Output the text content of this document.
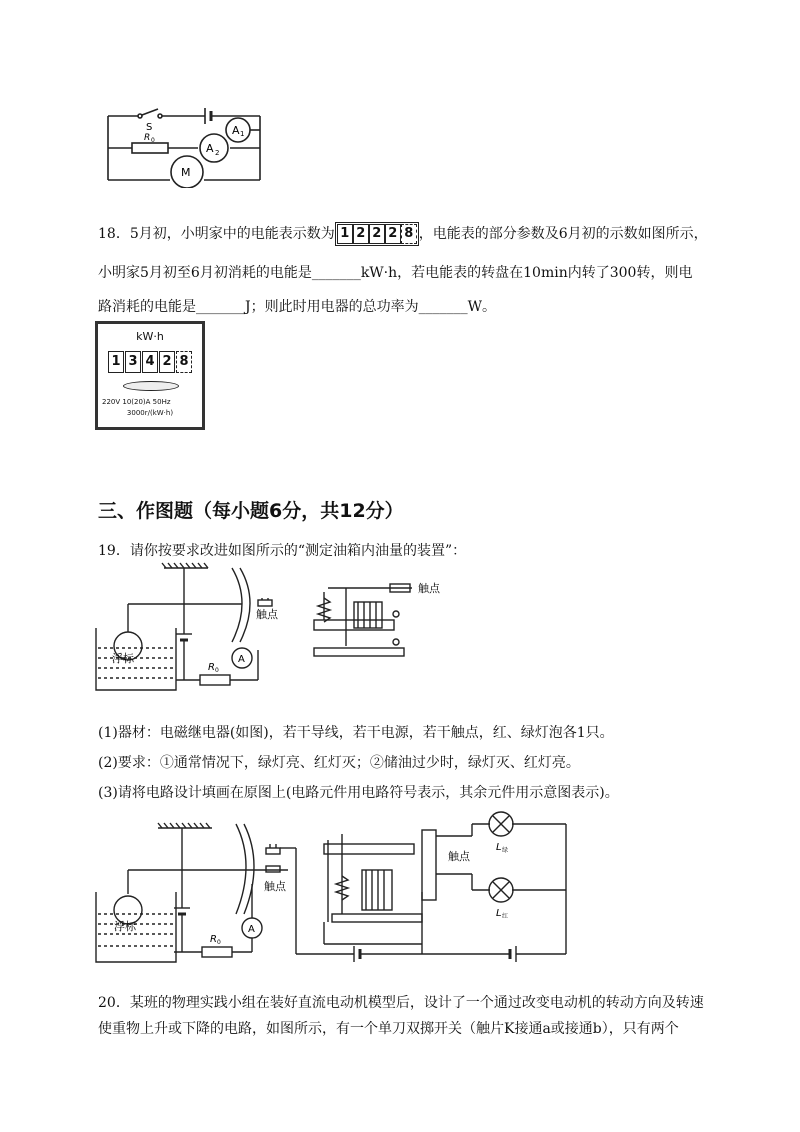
S	A 1
R 0
A 2
M
18．5月初，小明家中的电能表示数为 1 2 2 2 8 ，电能表的部分参数及6月初的示数如图所示，
小明家5月初至6月初消耗的电能是_______kW·h，若电能表的转盘在10min内转了300转，则电
路消耗的电能是_______J；则此时用电器的总功率为_______W。
kW·h
1 3 4 2 8
220V 10(20)A 50Hz
3000r/(kW·h)
三、作图题（每小题6分，共12分）
19．请你按要求改进如图所示的“测定油箱内油量的装置”：
浮标
触点
R 0
A
触点
(1)器材：电磁继电器(如图)，若干导线，若干电源，若干触点，红、绿灯泡各1只。
(2)要求：①通常情况下，绿灯亮、红灯灭；②储油过少时，绿灯灭、红灯亮。
(3)请将电路设计填画在原图上(电路元件用电路符号表示，其余元件用示意图表示)。
浮标
触点
R 0
A
触点
L 绿
L 红
20．某班的物理实践小组在装好直流电动机模型后，设计了一个通过改变电动机的转动方向及转速
使重物上升或下降的电路，如图所示，有一个单刀双掷开关（触片K接通a或接通b），只有两个
